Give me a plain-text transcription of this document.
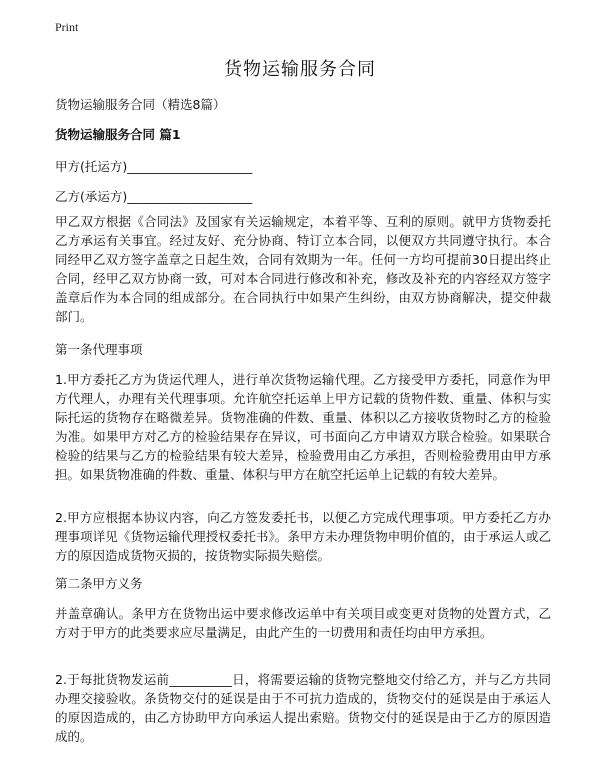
Print
货物运输服务合同
货物运输服务合同（精选8篇）
货物运输服务合同 篇1
甲方(托运方)____________________
乙方(承运方)____________________
甲乙双方根据《合同法》及国家有关运输规定，本着平等、互利的原则。就甲方货物委托乙方承运有关事宜。经过友好、充分协商、特订立本合同，以便双方共同遵守执行。本合同经甲乙双方签字盖章之日起生效，合同有效期为一年。任何一方均可提前30日提出终止合同，经甲乙双方协商一致，可对本合同进行修改和补充，修改及补充的内容经双方签字盖章后作为本合同的组成部分。在合同执行中如果产生纠纷，由双方协商解决，提交仲裁部门。
第一条代理事项
1.甲方委托乙方为货运代理人，进行单次货物运输代理。乙方接受甲方委托，同意作为甲方代理人，办理有关代理事项。允许航空托运单上甲方记载的货物件数、重量、体积与实际托运的货物存在略微差异。货物准确的件数、重量、体积以乙方接收货物时乙方的检验为准。如果甲方对乙方的检验结果存在异议，可书面向乙方申请双方联合检验。如果联合检验的结果与乙方的检验结果有较大差异，检验费用由乙方承担，否则检验费用由甲方承担。如果货物准确的件数、重量、体积与甲方在航空托运单上记载的有较大差异。
2.甲方应根据本协议内容，向乙方签发委托书，以便乙方完成代理事项。甲方委托乙方办理事项详见《货物运输代理授权委托书》。条甲方未办理货物申明价值的，由于承运人或乙方的原因造成货物灭损的，按货物实际损失赔偿。
第二条甲方义务
并盖章确认。条甲方在货物出运中要求修改运单中有关项目或变更对货物的处置方式，乙方对于甲方的此类要求应尽量满足，由此产生的一切费用和责任均由甲方承担。
2.于每批货物发运前__________日，将需要运输的货物完整地交付给乙方，并与乙方共同办理交接验收。条货物交付的延误是由于不可抗力造成的，货物交付的延误是由于承运人的原因造成的，由乙方协助甲方向承运人提出索赔。货物交付的延误是由于乙方的原因造成的。
